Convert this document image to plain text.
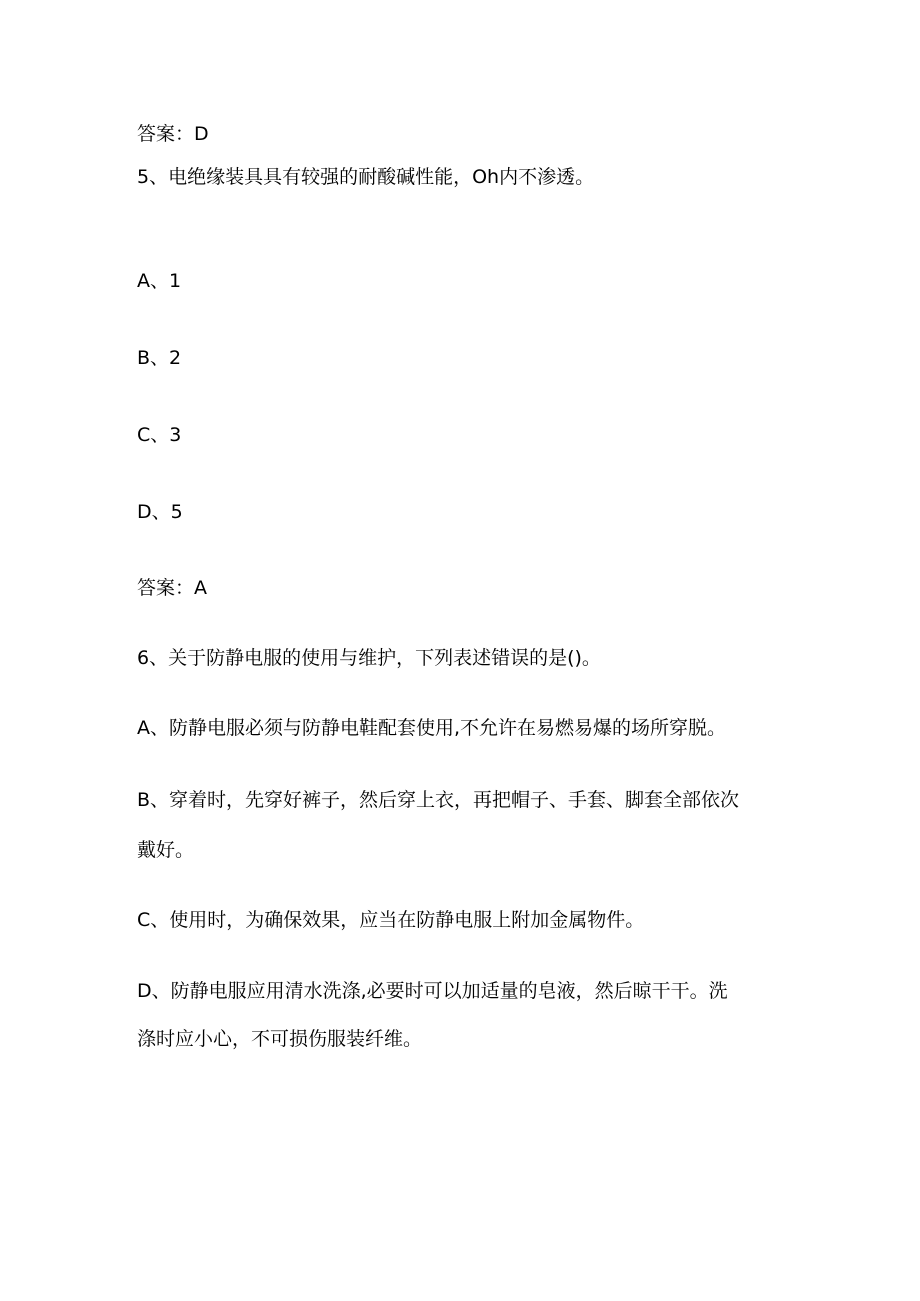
答案：D
5、电绝缘装具具有较强的耐酸碱性能，Oh内不渗透。
A、1
B、2
C、3
D、5
答案：A
6、关于防静电服的使用与维护，下列表述错误的是()。
A、防静电服必须与防静电鞋配套使用,不允许在易燃易爆的场所穿脱。
B、穿着时，先穿好裤子，然后穿上衣，再把帽子、手套、脚套全部依次
戴好。
C、使用时，为确保效果，应当在防静电服上附加金属物件。
D、防静电服应用清水洗涤,必要时可以加适量的皂液，然后晾干干。洗
涤时应小心，不可损伤服装纤维。
